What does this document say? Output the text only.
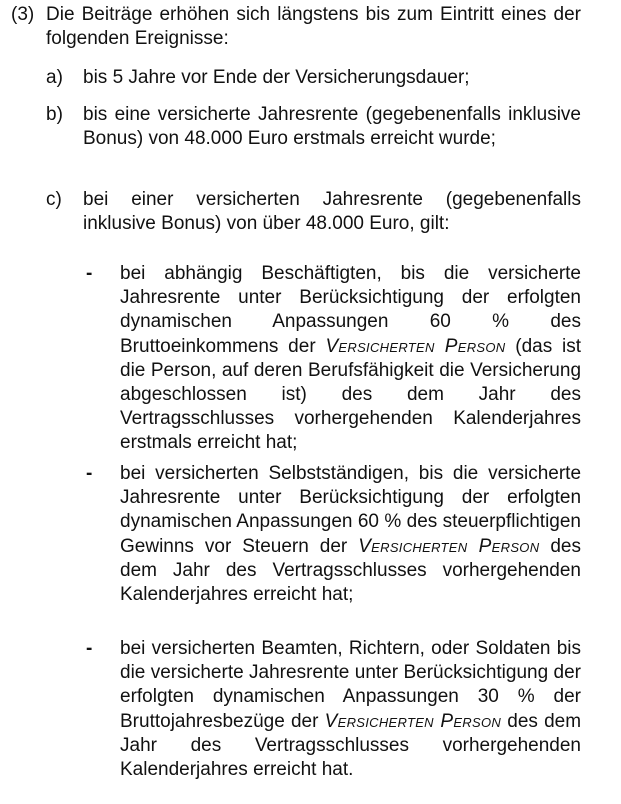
(3) Die Beiträge erhöhen sich längstens bis zum Eintritt eines der folgenden Ereignisse:
a)	bis 5 Jahre vor Ende der Versicherungsdauer;
b)	bis eine versicherte Jahresrente (gegebenenfalls inklusive Bonus) von 48.000 Euro erstmals erreicht wurde;
c)	bei einer versicherten Jahresrente (gegebenenfalls inklusive Bonus) von über 48.000 Euro, gilt:
-	bei abhängig Beschäftigten, bis die versicherte Jahresrente unter Berücksichtigung der erfolgten dynamischen Anpassungen 60 % des Bruttoeinkommens der Versicherten Person (das ist die Person, auf deren Berufsfähigkeit die Versicherung abgeschlossen ist) des dem Jahr des Vertragsschlusses vorhergehenden Kalenderjahres erstmals erreicht hat;
-	bei versicherten Selbstständigen, bis die versicherte Jahresrente unter Berücksichtigung der erfolgten dynamischen Anpassungen 60 % des steuerpflichtigen Gewinns vor Steuern der Versicherten Person des dem Jahr des Vertragsschlusses vorhergehenden Kalenderjahres erreicht hat;
-	bei versicherten Beamten, Richtern, oder Soldaten bis die versicherte Jahresrente unter Berücksichtigung der erfolgten dynamischen Anpassungen 30 % der Bruttojahresbezüge der Versicherten Person des dem Jahr des Vertragsschlusses vorhergehenden Kalenderjahres erreicht hat.
